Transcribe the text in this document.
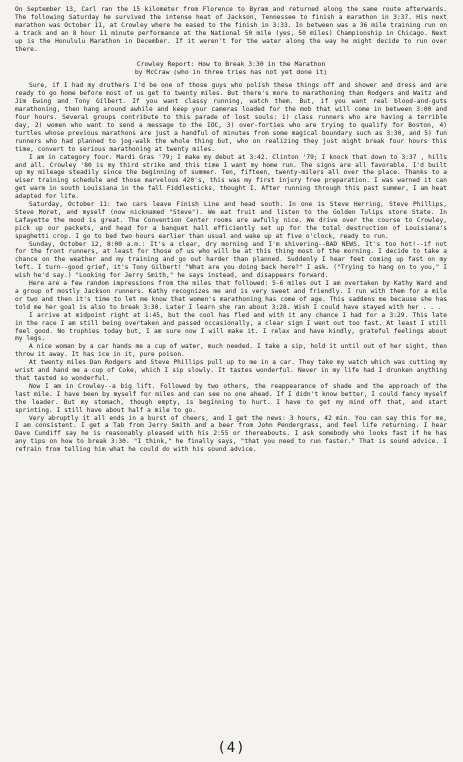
On September 13, Carl ran the 15 kilometer from Florence to Byram and returned along the same route afterwards. The following Saturday he survived the intense heat of Jackson, Tennessee to finish a marathon in 3:37. His next marathon was October 11, at Crowley where he eased to the finish in 3:33. In between was a 36 mile training run on a track and an 8 hour 11 minute performance at the National 50 mile (yes, 50 miles) Championship in Chicago. Next up is the Honululu Marathon in December. If it weren't for the water along the way he might decide to run over there.

Crowley Report: How to Break 3:30 in the Marathon
by McCraw (who in three tries has not yet done it)

Sure, if I had my druthers I'd be one of those guys who polish these things off and shower and dress and are ready to go home before most of us get to twenty miles. But there's more to marathoning than Rodgers and Waitz and Jim Ewing and Tony Gilbert. If you want classy running, watch them. But, if you want real blood-and-guts marathoning, then hang around awhile and keep your cameras loaded for the mob that will come in between 3:00 and four hours. Several groups contribute to this parade of lost souls: 1) class runners who are having a terrible day, 2) women who want to send a message to the IOC, 3) over-forties who are trying to qualify for Boston, 4) turtles whose previous marathons are just a handful of minutes from some magical boundary such as 3:30, and 5) fun runners who had planned to jog-walk the whole thing but, who on realizing they just might break four hours this time, convert to serious marathoning at twenty miles.

I am in category four. Mardi Gras '79; I make my debut at 3:42. Clinton '79; I knock that down to 3:37 , hills and all. Crowley '80 is my third strike and this time I want my home run. The signs are all favorable. I'd built up my mileage steadily since the beginning of summer. Ten, fifteen, twenty-milers all over the place. Thanks to a wiser training schedule and those marvelous 420's, this was my first injury free preparation. I was warned it can get warm in south Louisiana in the fall Fiddlesticks, thought I. After running through this past summer, I am heat adapted for life.

Saturday, October 11: two cars leave Finish Line and head south. In one is Steve Herring, Steve Phillips, Steve Moret, and myself (now nicknamed "Steve"). We eat fruit and listen to the Golden Tulips store State. In Lafayette the mood is great. The Convention Center rooms are awfully nice. We drive over the course to Crowley, pick up our packets, and head for a banquet hall efficiently set up for the total destruction of Louisiana's spaghetti crop. I go to bed two hours earlier than usual and wake up at five o'clock, ready to run.

Sunday, October 12, 8:00 a.m.: It's a clear, dry morning and I'm shivering--BAD NEWS. It's too hot!--if not for the front runners, at least for those of us who will be at this thing most of the morning. I decide to take a chance on the weather and my training and go out harder than planned. Suddenly I hear feet coming up fast on my left. I turn--good grief, it's Tony Gilbert! "What are you doing back here?" I ask. ("Trying to hang on to you," I wish he'd say.) "Looking for Jerry Smith," he says instead, and disappears forward.

Here are a few random impressions from the miles that followed: 5-6 miles out I am overtaken by Kathy Ward and a group of mostly Jackson runners. Kathy recognizes me and is very sweet and friendly. I run with them for a mile or two and then it's time to let me know that women's marathoning has come of age. This saddens me because she has told me her goal is also to break 3:30. Later I learn she ran about 3:28. Wish I could have stayed with her . . .

I arrive at midpoint right at 1:45, but the cool has fled and with it any chance I had for a 3:29. This late in the race I am still being overtaken and passed occasionally, a clear sign I went out too fast. At least I still feel good. No trophies today but, I am sure now I will make it. I relax and have kindly, grateful feelings about my legs.

A nice woman by a car hands me a cup of water, much needed. I take a sip, hold it until out of her sight, then throw it away. It has ice in it, pure poison.

At twenty miles Dan Rodgers and Steve Phillips pull up to me in a car. They take my watch which was cutting my wrist and hand me a cup of Coke, which I sip slowly. It tastes wonderful. Never in my life had I drunken anything that tasted so wonderful.

Now I am in Crowley--a big lift. Followed by two others, the reappearance of shade and the approach of the last mile. I have been by myself for miles and can see no one ahead. If I didn't know better, I could fancy myself the leader. But my stomach, though empty, is beginning to hurt. I have to get my mind off that, and start sprinting. I still have about half a mile to go.

Very abruptly it all ends in a burst of cheers, and I get the news: 3 hours, 42 min. You can say this for me, I am consistent. I get a Tab from Jerry Smith and a beer from John Pendergrass, and feel life returning. I hear Dave Cundiff say he is reasonably pleased with his 2:55 or thereabouts. I ask somebody who looks fast if he has any tips on how to break 3:30. "I think," he finally says, "that you need to run faster." That is sound advice. I refrain from telling him what he could do with his sound advice.

(4)
